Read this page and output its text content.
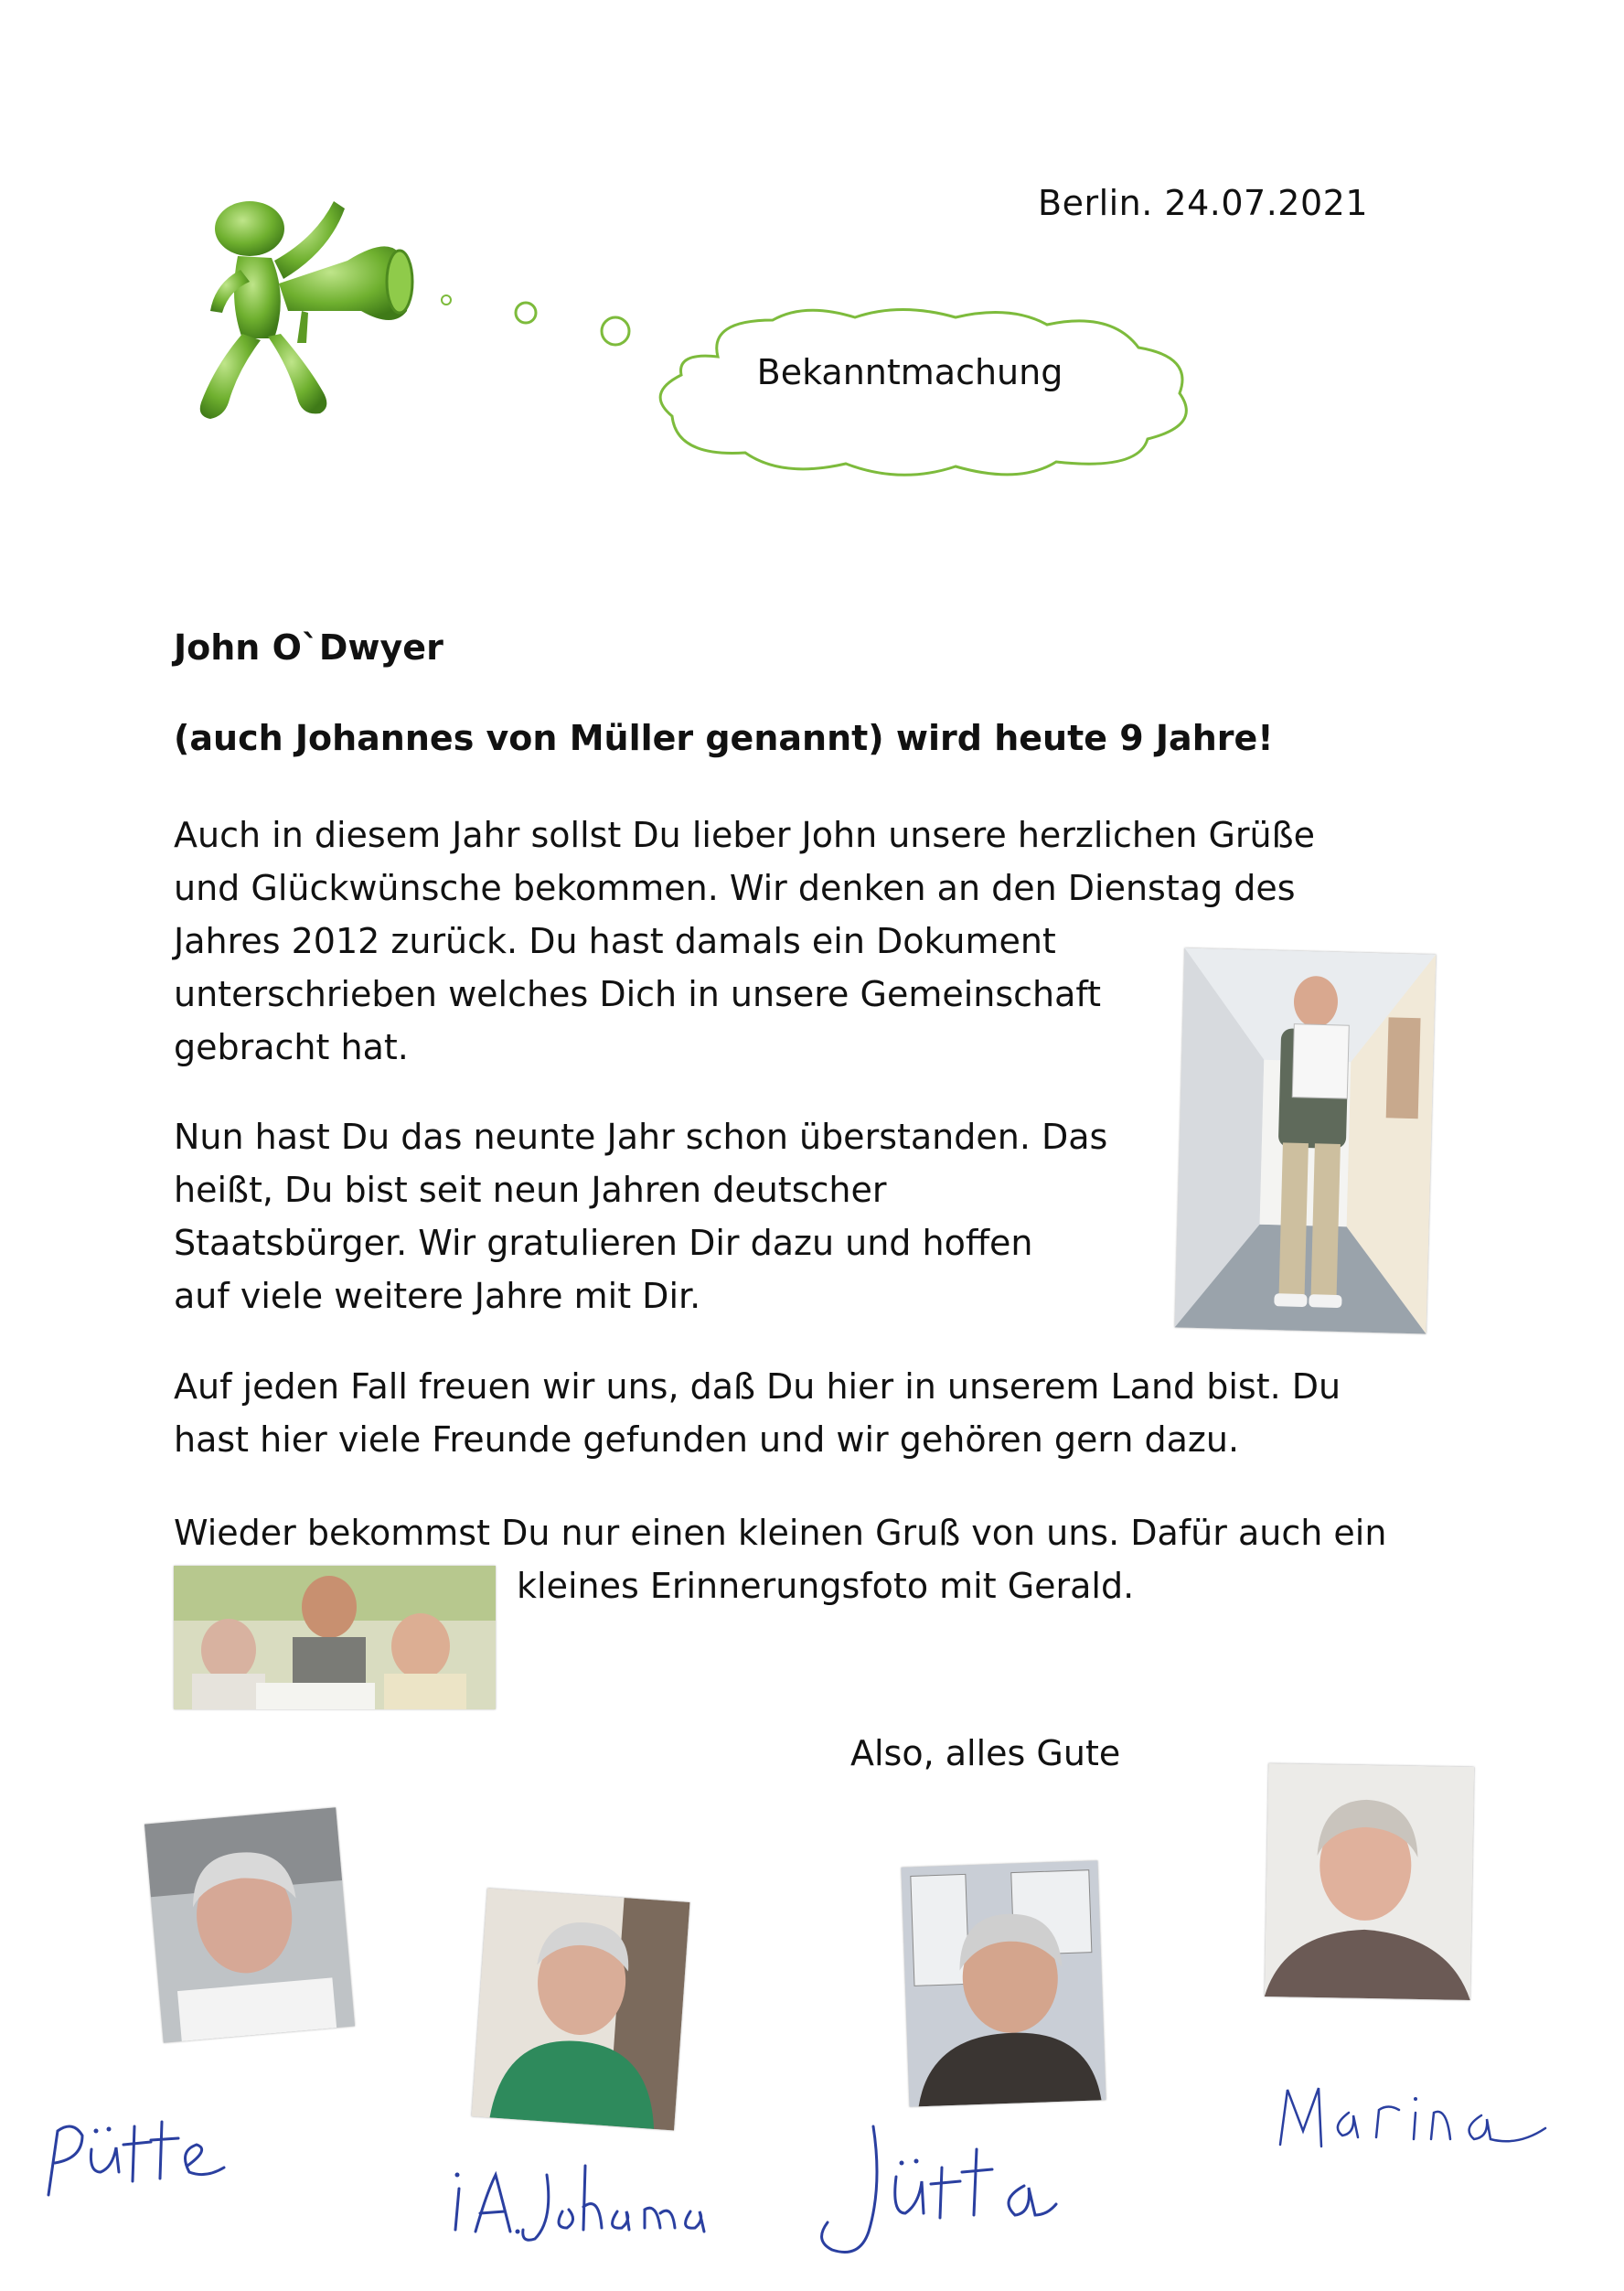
Berlin. 24.07.2021
Bekanntmachung
John O`Dwyer
(auch Johannes von Müller genannt) wird heute 9 Jahre!
Auch in diesem Jahr sollst Du lieber John unsere herzlichen Grüße
und Glückwünsche bekommen. Wir denken an den Dienstag des
Jahres 2012 zurück. Du hast damals ein Dokument
unterschrieben welches Dich in unsere Gemeinschaft
gebracht hat.
Nun hast Du das neunte Jahr schon überstanden. Das
heißt, Du bist seit neun Jahren deutscher
Staatsbürger. Wir gratulieren Dir dazu und hoffen
auf viele weitere Jahre mit Dir.
Auf jeden Fall freuen wir uns, daß Du hier in unserem Land bist. Du
hast hier viele Freunde gefunden und wir gehören gern dazu.
Wieder bekommst Du nur einen kleinen Gruß von uns. Dafür auch ein
kleines Erinnerungsfoto mit Gerald.
Also, alles Gute
